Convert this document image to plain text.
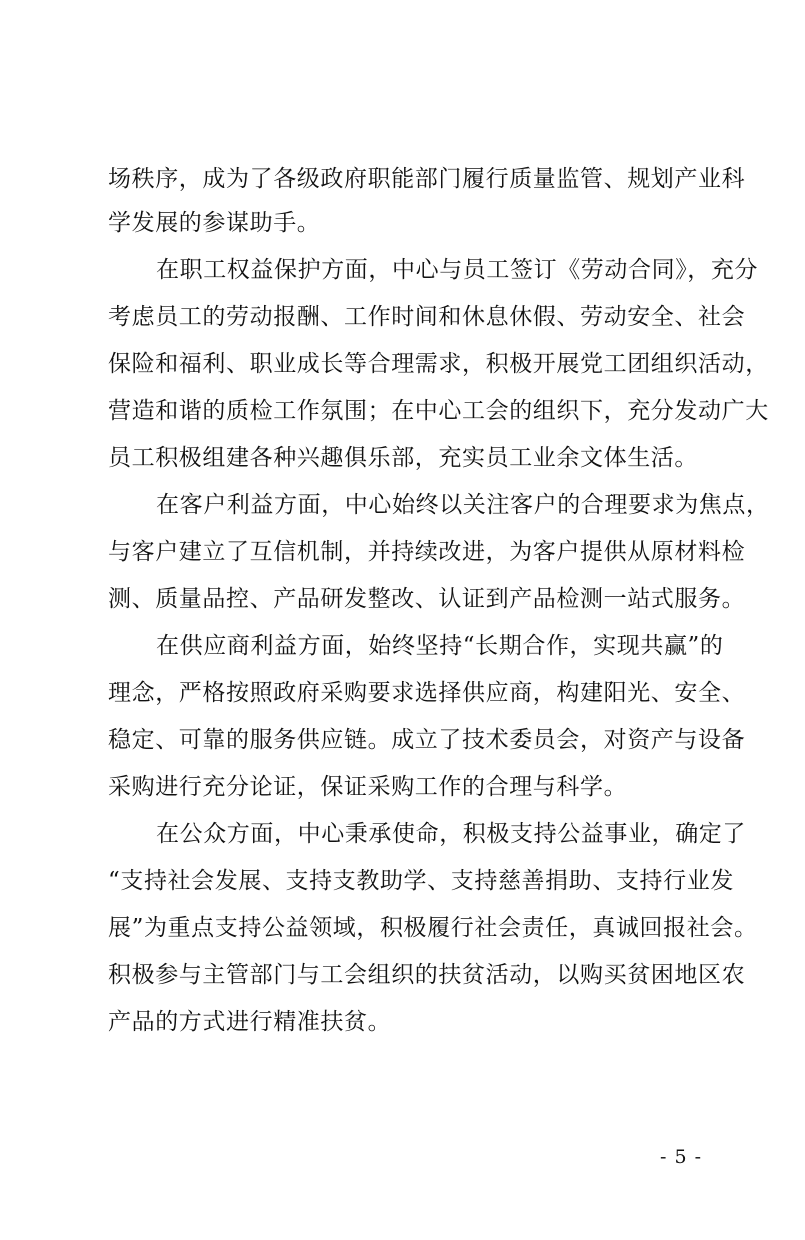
场秩序，成为了各级政府职能部门履行质量监管、规划产业科
学发展的参谋助手。
在职工权益保护方面，中心与员工签订《劳动合同》，充分
考虑员工的劳动报酬、工作时间和休息休假、劳动安全、社会
保险和福利、职业成长等合理需求，积极开展党工团组织活动，
营造和谐的质检工作氛围；在中心工会的组织下，充分发动广大
员工积极组建各种兴趣俱乐部，充实员工业余文体生活。
在客户利益方面，中心始终以关注客户的合理要求为焦点，
与客户建立了互信机制，并持续改进，为客户提供从原材料检
测、质量品控、产品研发整改、认证到产品检测一站式服务。
在供应商利益方面，始终坚持“长期合作，实现共赢”的
理念，严格按照政府采购要求选择供应商，构建阳光、安全、
稳定、可靠的服务供应链。成立了技术委员会，对资产与设备
采购进行充分论证，保证采购工作的合理与科学。
在公众方面，中心秉承使命，积极支持公益事业，确定了
“支持社会发展、支持支教助学、支持慈善捐助、支持行业发
展”为重点支持公益领域，积极履行社会责任，真诚回报社会。
积极参与主管部门与工会组织的扶贫活动，以购买贫困地区农
产品的方式进行精准扶贫。
- 5 -
